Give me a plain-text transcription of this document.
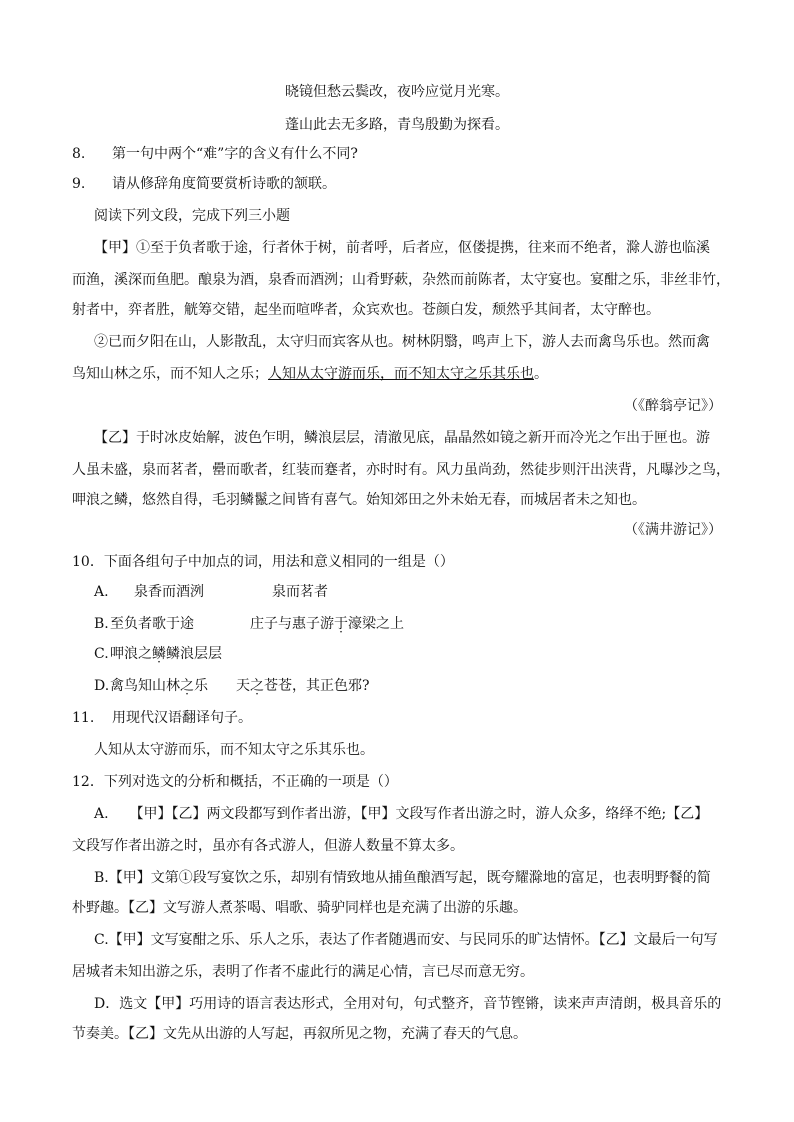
晓镜但愁云鬓改，夜吟应觉月光寒。
蓬山此去无多路，青鸟殷勤为探看。
8. 第一句中两个“难”字的含义有什么不同?
9. 请从修辞角度简要赏析诗歌的颔联。
阅读下列文段，完成下列三小题
【甲】①至于负者歌于途，行者休于树，前者呼，后者应，伛偻提携，往来而不绝者，滁人游也临溪
而渔，溪深而鱼肥。酿泉为酒，泉香而酒洌；山肴野蔌，杂然而前陈者，太守宴也。宴酣之乐，非丝非竹，
射者中，弈者胜，觥筹交错，起坐而喧哗者，众宾欢也。苍颜白发，颓然乎其间者，太守醉也。
②已而夕阳在山，人影散乱，太守归而宾客从也。树林阴翳，鸣声上下，游人去而禽鸟乐也。然而禽
鸟知山林之乐，而不知人之乐；人知从太守游而乐，而不知太守之乐其乐也。
（《醉翁亭记》）
【乙】于时冰皮始解，波色乍明，鳞浪层层，清澈见底，晶晶然如镜之新开而冷光之乍出于匣也。游
人虽未盛，泉而茗者，罍而歌者，红装而蹇者，亦时时有。风力虽尚劲，然徒步则汗出浃背，凡曝沙之鸟，
呷浪之鳞，悠然自得，毛羽鳞鬣之间皆有喜气。始知郊田之外未始无春，而城居者未之知也。
（《满井游记》）
10．下面各组句子中加点的词，用法和意义相同的一组是（）
A. 泉香而酒洌	泉而茗者
B.至负者歌于途	庄子与惠子游于濠梁之上
C.呷浪之鳞鳞浪层层
D.禽鸟知山林之乐 天之苍苍，其正色邪?
11. 用现代汉语翻译句子。
人知从太守游而乐，而不知太守之乐其乐也。
12．下列对选文的分析和概括，不正确的一项是（）
A.　　【甲】【乙】两文段都写到作者出游，【甲】文段写作者出游之时，游人众多，络绎不绝;【乙】
文段写作者出游之时，虽亦有各式游人，但游人数量不算太多。
B.【甲】文第①段写宴饮之乐，却别有情致地从捕鱼酿酒写起，既夸耀滁地的富足，也表明野餐的简
朴野趣。【乙】文写游人煮茶喝、唱歌、骑驴同样也是充满了出游的乐趣。
C.【甲】文写宴酣之乐、乐人之乐，表达了作者随遇而安、与民同乐的旷达情怀。【乙】文最后一句写
居城者未知出游之乐，表明了作者不虚此行的满足心情，言已尽而意无穷。
D．选文【甲】巧用诗的语言表达形式，全用对句，句式整齐，音节铿锵，读来声声清朗，极具音乐的
节奏美。【乙】文先从出游的人写起，再叙所见之物，充满了春天的气息。
